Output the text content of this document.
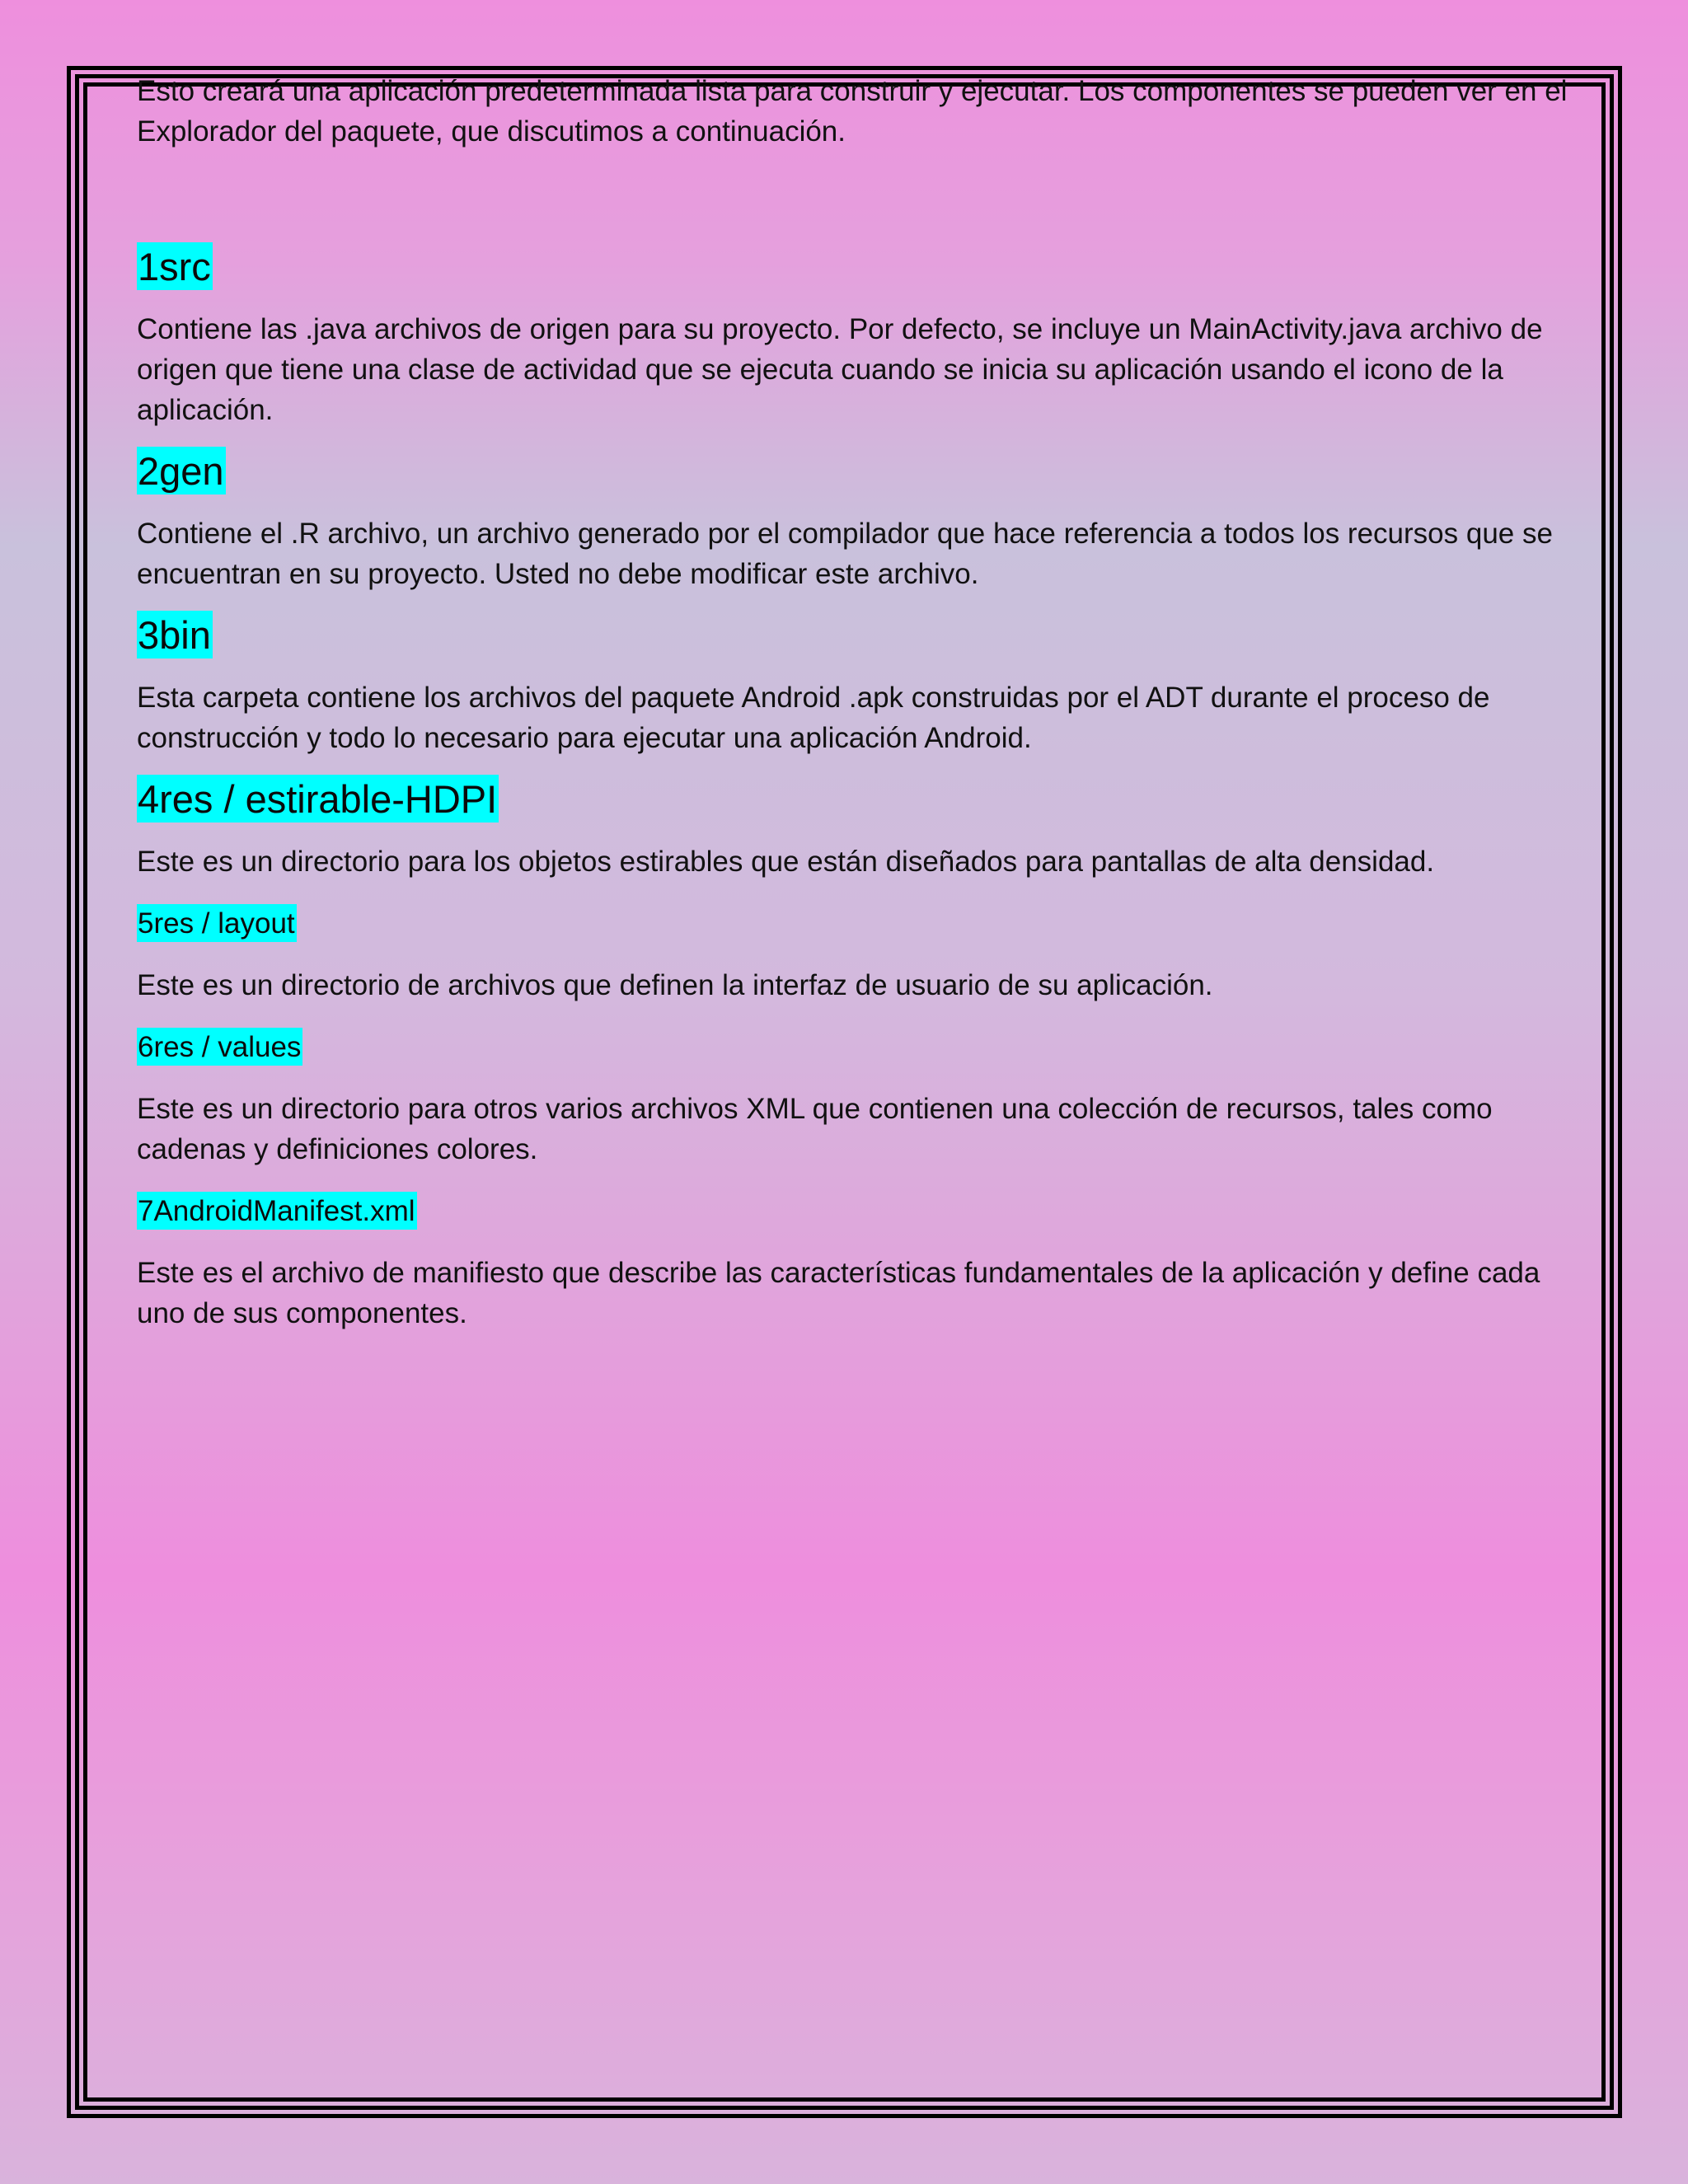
Esto creará una aplicación predeterminada lista para construir y ejecutar. Los componentes se pueden ver en el Explorador del paquete, que discutimos a continuación.

1src

Contiene las .java archivos de origen para su proyecto. Por defecto, se incluye un MainActivity.java archivo de origen que tiene una clase de actividad que se ejecuta cuando se inicia su aplicación usando el icono de la aplicación.

2gen

Contiene el .R archivo, un archivo generado por el compilador que hace referencia a todos los recursos que se encuentran en su proyecto. Usted no debe modificar este archivo.

3bin

Esta carpeta contiene los archivos del paquete Android .apk construidas por el ADT durante el proceso de construcción y todo lo necesario para ejecutar una aplicación Android.

4res / estirable-HDPI

Este es un directorio para los objetos estirables que están diseñados para pantallas de alta densidad.

5res / layout

Este es un directorio de archivos que definen la interfaz de usuario de su aplicación.

6res / values

Este es un directorio para otros varios archivos XML que contienen una colección de recursos, tales como cadenas y definiciones colores.

7AndroidManifest.xml

Este es el archivo de manifiesto que describe las características fundamentales de la aplicación y define cada uno de sus componentes.
